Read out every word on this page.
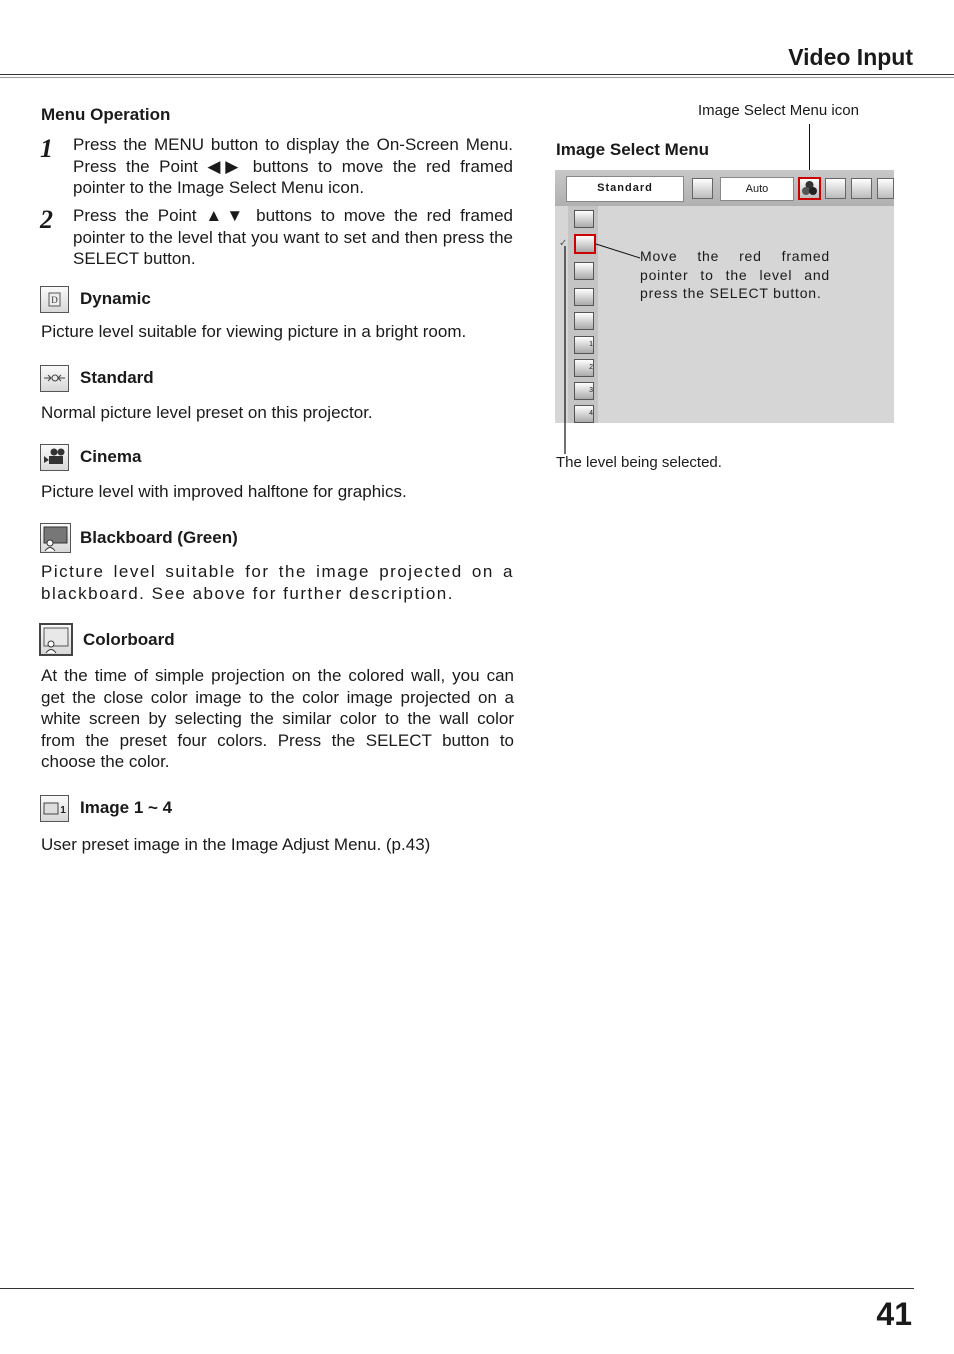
Video Input
Menu Operation
1 Press the MENU button to display the On-Screen Menu. Press the Point ◀▶ buttons to move the red framed pointer to the Image Select Menu icon.
2 Press the Point ▲▼ buttons to move the red framed pointer to the level that you want to set and then press the SELECT button.
D Dynamic
Picture level suitable for viewing picture in a bright room.
Standard
Normal picture level preset on this projector.
Cinema
Picture level with improved halftone for graphics.
Blackboard (Green)
Picture level suitable for the image projected on a blackboard. See above for further description.
Colorboard
At the time of simple projection on the colored wall, you can get the close color image to the color image projected on a white screen by selecting the similar color to the wall color from the preset four colors. Press the SELECT button to choose the color.
1 Image 1 ~ 4
User preset image in the Image Adjust Menu. (p.43)
Image Select Menu icon
Image Select Menu
Standard	Auto
✓
1
2
3
4
Move the red framed pointer to the level and press the SELECT button.
The level being selected.
41
